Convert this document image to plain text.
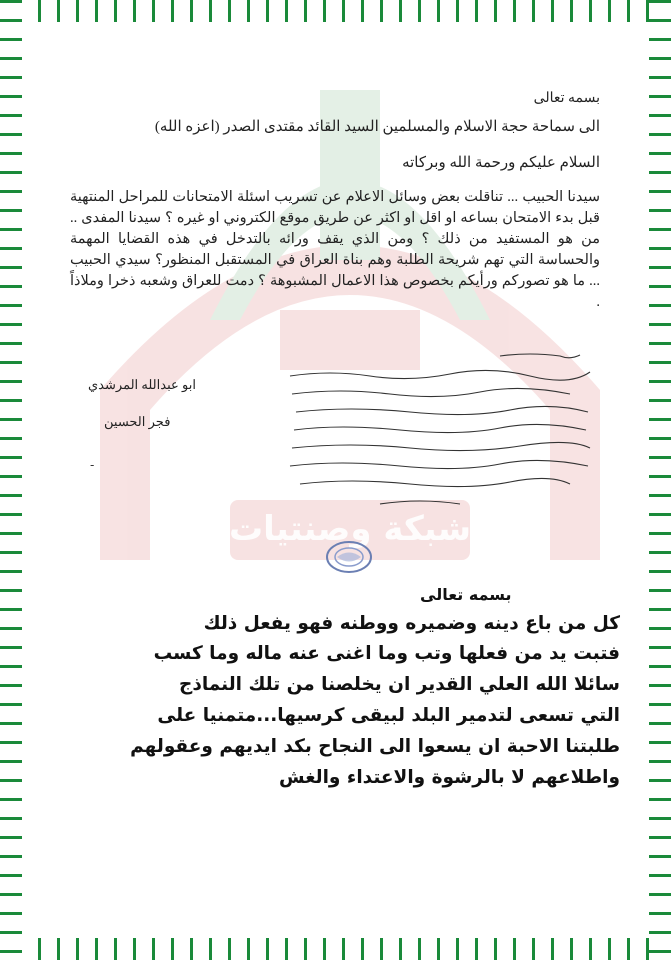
شبكة وصنتيات
بسمه تعالى
الى سماحة حجة الاسلام والمسلمين السيد القائد مقتدى الصدر (اعزه الله)
السلام عليكم ورحمة الله وبركاته
سيدنا الحبيب ... تناقلت بعض وسائل الاعلام عن تسريب اسئلة الامتحانات للمراحل المنتهية قبل بدء الامتحان بساعه او اقل او اكثر عن طريق موقع الكتروني او غيره ؟ سيدنا المفدى .. من هو المستفيد من ذلك ؟ ومن الذي يقف ورائه بالتدخل في هذه القضايا المهمة والحساسة التي تهم شريحة الطلبة وهم بناة العراق في المستقبل المنظور؟ سيدي الحبيب ... ما هو تصوركم ورأيكم بخصوص هذا الاعمال المشبوهة ؟ دمت للعراق وشعبه ذخرا وملاذاً .
ابو عبدالله المرشدي
فجر الحسين
-
بسمه تعالى
كل من باع دينه وضميره ووطنه فهو يفعل ذلك
فتبت يد من فعلها وتب وما اغنى عنه ماله وما كسب
سائلا الله العلي القدير ان يخلصنا من تلك النماذج
التي تسعى لتدمير البلد لبيقى كرسيها...متمنيا على
طلبتنا الاحبة ان يسعوا الى النجاح بكد ايديهم وعقولهم
واطلاعهم لا بالرشوة والاعتداء والغش
